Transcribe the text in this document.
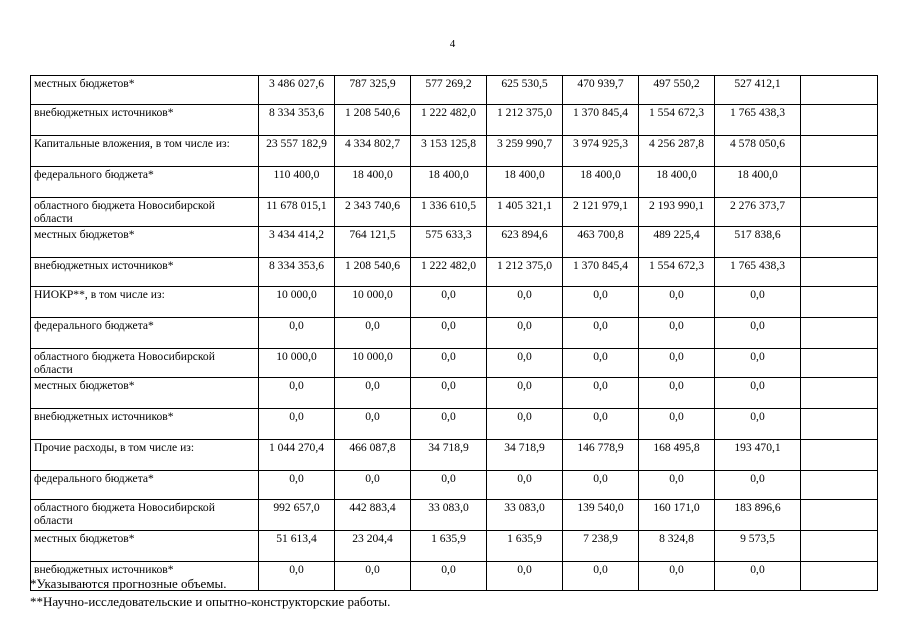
4
местных бюджетов*	3 486 027,6	787 325,9	577 269,2	625 530,5	470 939,7	497 550,2	527 412,1	
внебюджетных источников*	8 334 353,6	1 208 540,6	1 222 482,0	1 212 375,0	1 370 845,4	1 554 672,3	1 765 438,3	
Капитальные вложения, в том числе из:	23 557 182,9	4 334 802,7	3 153 125,8	3 259 990,7	3 974 925,3	4 256 287,8	4 578 050,6	
федерального бюджета*	110 400,0	18 400,0	18 400,0	18 400,0	18 400,0	18 400,0	18 400,0	
областного бюджета Новосибирской области	11 678 015,1	2 343 740,6	1 336 610,5	1 405 321,1	2 121 979,1	2 193 990,1	2 276 373,7	
местных бюджетов*	3 434 414,2	764 121,5	575 633,3	623 894,6	463 700,8	489 225,4	517 838,6	
внебюджетных источников*	8 334 353,6	1 208 540,6	1 222 482,0	1 212 375,0	1 370 845,4	1 554 672,3	1 765 438,3	
НИОКР**, в том числе из:	10 000,0	10 000,0	0,0	0,0	0,0	0,0	0,0	
федерального бюджета*	0,0	0,0	0,0	0,0	0,0	0,0	0,0	
областного бюджета Новосибирской области	10 000,0	10 000,0	0,0	0,0	0,0	0,0	0,0	
местных бюджетов*	0,0	0,0	0,0	0,0	0,0	0,0	0,0	
внебюджетных источников*	0,0	0,0	0,0	0,0	0,0	0,0	0,0	
Прочие расходы, в том числе из:	1 044 270,4	466 087,8	34 718,9	34 718,9	146 778,9	168 495,8	193 470,1	
федерального бюджета*	0,0	0,0	0,0	0,0	0,0	0,0	0,0	
областного бюджета Новосибирской области	992 657,0	442 883,4	33 083,0	33 083,0	139 540,0	160 171,0	183 896,6	
местных бюджетов*	51 613,4	23 204,4	1 635,9	1 635,9	7 238,9	8 324,8	9 573,5	
внебюджетных источников*	0,0	0,0	0,0	0,0	0,0	0,0	0,0	
*Указываются прогнозные объемы.
**Научно-исследовательские и опытно-конструкторские работы.
